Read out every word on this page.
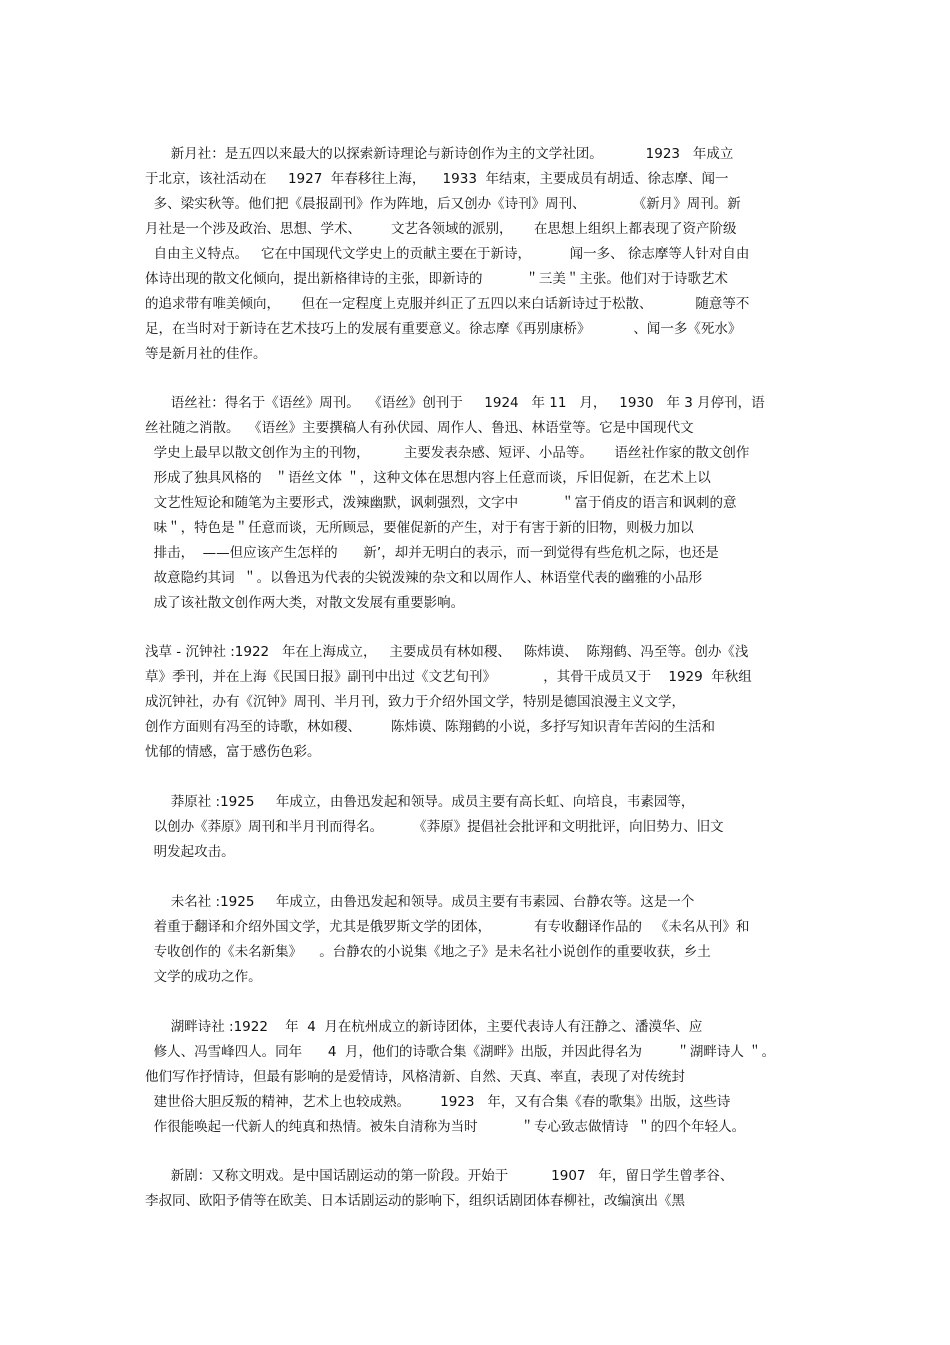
新月社：是五四以来最大的以探索新诗理论与新诗创作为主的文学社团。          1923   年成立
于北京，该社活动在     1927  年春移往上海，    1933  年结束，主要成员有胡适、徐志摩、闻一
多、梁实秋等。他们把《晨报副刊》作为阵地，后又创办《诗刊》周刊、           《新月》周刊。新
月社是一个涉及政治、思想、学术、       文艺各领域的派别，     在思想上组织上都表现了资产阶级
自由主义特点。   它在中国现代文学史上的贡献主要在于新诗，         闻一多、 徐志摩等人针对自由
体诗出现的散文化倾向，提出新格律诗的主张，即新诗的          ＂三美＂主张。他们对于诗歌艺术
的追求带有唯美倾向，     但在一定程度上克服并纠正了五四以来白话新诗过于松散、          随意等不
足，在当时对于新诗在艺术技巧上的发展有重要意义。徐志摩《再别康桥》          、闻一多《死水》
等是新月社的佳作。
语丝社：得名于《语丝》周刊。  《语丝》创刊于     1924   年 11   月，   1930   年 3 月停刊，语
丝社随之消散。  《语丝》主要撰稿人有孙伏园、周作人、鲁迅、林语堂等。它是中国现代文
学史上最早以散文创作为主的刊物，        主要发表杂感、短评、小品等。     语丝社作家的散文创作
形成了独具风格的   ＂语丝文体 ＂，这种文体在思想内容上任意而谈，斥旧促新，在艺术上以
文艺性短论和随笔为主要形式，泼辣幽默，讽刺强烈，文字中          ＂富于俏皮的语言和讽刺的意
味＂，特色是＂任意而谈，无所顾忌，要催促新的产生，对于有害于新的旧物，则极力加以
排击，  ——但应该产生怎样的      新’，却并无明白的表示，而一到觉得有些危机之际，也还是
故意隐约其词  ＂。以鲁迅为代表的尖锐泼辣的杂文和以周作人、林语堂代表的幽雅的小品形
成了该社散文创作两大类，对散文发展有重要影响。
浅草 - 沉钟社 :1922   年在上海成立，   主要成员有林如稷、   陈炜谟、  陈翔鹤、冯至等。创办《浅
草》季刊，并在上海《民国日报》副刊中出过《文艺旬刊》           ，其骨干成员又于    1929  年秋组
成沉钟社，办有《沉钟》周刊、半月刊，致力于介绍外国文学，特别是德国浪漫主义文学，
创作方面则有冯至的诗歌，林如稷、       陈炜谟、陈翔鹤的小说，多抒写知识青年苦闷的生活和
忧郁的情感，富于感伤色彩。
莽原社 :1925     年成立，由鲁迅发起和领导。成员主要有高长虹、向培良，韦素园等，
以创办《莽原》周刊和半月刊而得名。       《莽原》提倡社会批评和文明批评，向旧势力、旧文
明发起攻击。
未名社 :1925     年成立，由鲁迅发起和领导。成员主要有韦素园、台静农等。这是一个
着重于翻译和介绍外国文学，尤其是俄罗斯文学的团体，          有专收翻译作品的   《未名从刊》和
专收创作的《未名新集》    。台静农的小说集《地之子》是未名社小说创作的重要收获，乡土
文学的成功之作。
湖畔诗社 :1922    年  4  月在杭州成立的新诗团体，主要代表诗人有汪静之、潘漠华、应
修人、冯雪峰四人。同年      4  月，他们的诗歌合集《湖畔》出版，并因此得名为        ＂湖畔诗人 ＂。
他们写作抒情诗，但最有影响的是爱情诗，风格清新、自然、天真、率直，表现了对传统封
建世俗大胆反叛的精神，艺术上也较成熟。       1923   年，又有合集《春的歌集》出版，这些诗
作很能唤起一代新人的纯真和热情。被朱自清称为当时          ＂专心致志做情诗  ＂的四个年轻人。
新剧：又称文明戏。是中国话剧运动的第一阶段。开始于          1907   年，留日学生曾孝谷、
李叔同、欧阳予倩等在欧美、日本话剧运动的影响下，组织话剧团体春柳社，改编演出《黑
